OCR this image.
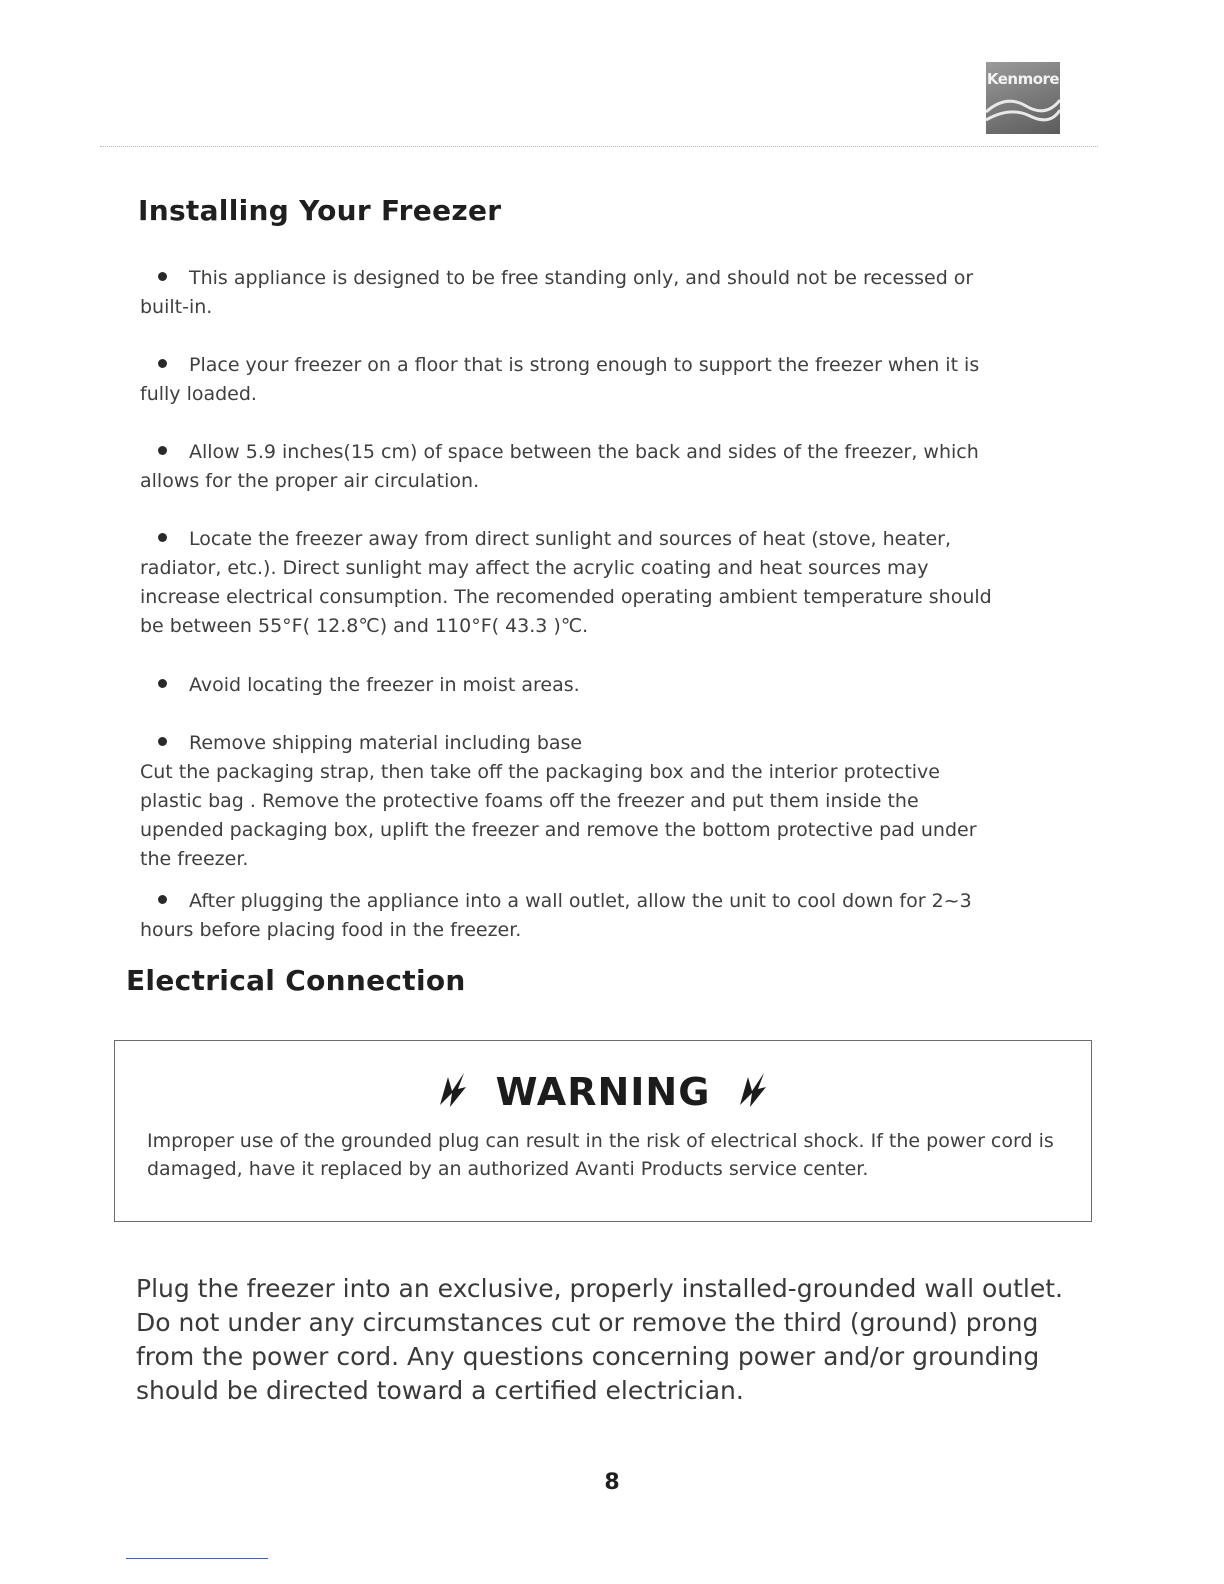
Kenmore
Installing Your Freezer

This appliance is designed to be free standing only, and should not be recessed or built-in.

Place your freezer on a floor that is strong enough to support the freezer when it is fully loaded.

Allow 5.9 inches(15 cm) of space between the back and sides of the freezer, which allows for the proper air circulation.

Locate the freezer away from direct sunlight and sources of heat (stove, heater, radiator, etc.). Direct sunlight may affect the acrylic coating and heat sources may increase electrical consumption. The recomended operating ambient temperature should be between 55°F( 12.8℃) and 110°F( 43.3 )℃.

Avoid locating the freezer in moist areas.

Remove shipping material including base

Cut the packaging strap, then take off the packaging box and the interior protective plastic bag . Remove the protective foams off the freezer and put them inside the upended packaging box, uplift the freezer and remove the bottom protective pad under the freezer.

After plugging the appliance into a wall outlet, allow the unit to cool down for 2~3 hours before placing food in the freezer.

Electrical Connection
WARNING

Improper use of the grounded plug can result in the risk of electrical shock. If the power cord is damaged, have it replaced by an authorized Avanti Products service center.

Plug the freezer into an exclusive, properly installed-grounded wall outlet. Do not under any circumstances cut or remove the third (ground) prong from the power cord. Any questions concerning power and/or grounding should be directed toward a certified electrician.

8
